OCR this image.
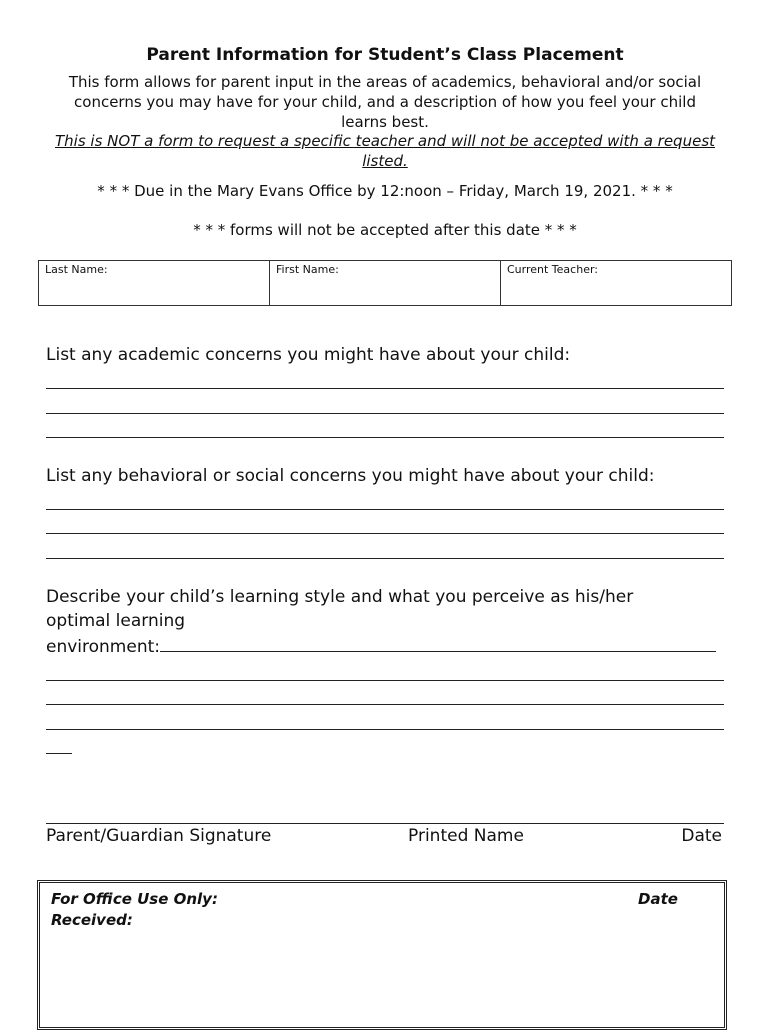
Parent Information for Student’s Class Placement

This form allows for parent input in the areas of academics, behavioral and/or social concerns you may have for your child, and a description of how you feel your child learns best.

This is NOT a form to request a specific teacher and will not be accepted with a request listed.

* * * Due in the Mary Evans Office by 12:noon – Friday, March 19, 2021. * * *

* * * forms will not be accepted after this date * * *

Last Name:	First Name:	Current Teacher:

List any academic concerns you might have about your child:

List any behavioral or social concerns you might have about your child:

Describe your child’s learning style and what you perceive as his/her
optimal learning
environment:
Parent/Guardian Signature	Printed Name	Date

For Office Use Only: Received:

Date
